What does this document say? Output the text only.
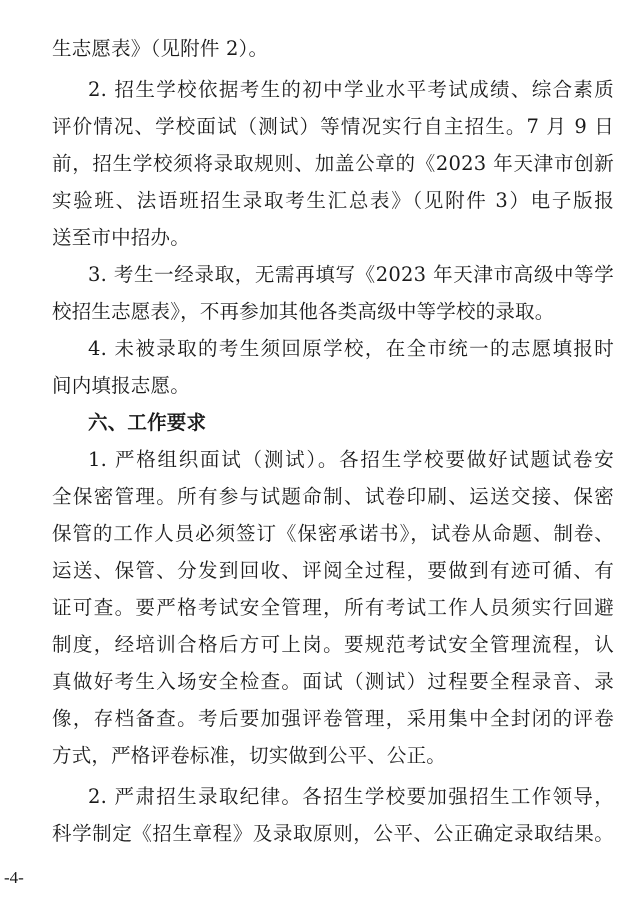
生志愿表》（见附件 2）。
2. 招生学校依据考生的初中学业水平考试成绩、综合素质
评价情况、学校面试（测试）等情况实行自主招生。7 月 9 日
前，招生学校须将录取规则、加盖公章的《2023 年天津市创新
实验班、法语班招生录取考生汇总表》（见附件 3）电子版报
送至市中招办。
3. 考生一经录取，无需再填写《2023 年天津市高级中等学
校招生志愿表》，不再参加其他各类高级中等学校的录取。
4. 未被录取的考生须回原学校，在全市统一的志愿填报时
间内填报志愿。
六、工作要求
1. 严格组织面试（测试）。各招生学校要做好试题试卷安
全保密管理。所有参与试题命制、试卷印刷、运送交接、保密
保管的工作人员必须签订《保密承诺书》，试卷从命题、制卷、
运送、保管、分发到回收、评阅全过程，要做到有迹可循、有
证可查。要严格考试安全管理，所有考试工作人员须实行回避
制度，经培训合格后方可上岗。要规范考试安全管理流程，认
真做好考生入场安全检查。面试（测试）过程要全程录音、录
像，存档备查。考后要加强评卷管理，采用集中全封闭的评卷
方式，严格评卷标准，切实做到公平、公正。
2. 严肃招生录取纪律。各招生学校要加强招生工作领导，
科学制定《招生章程》及录取原则，公平、公正确定录取结果。
-4-
